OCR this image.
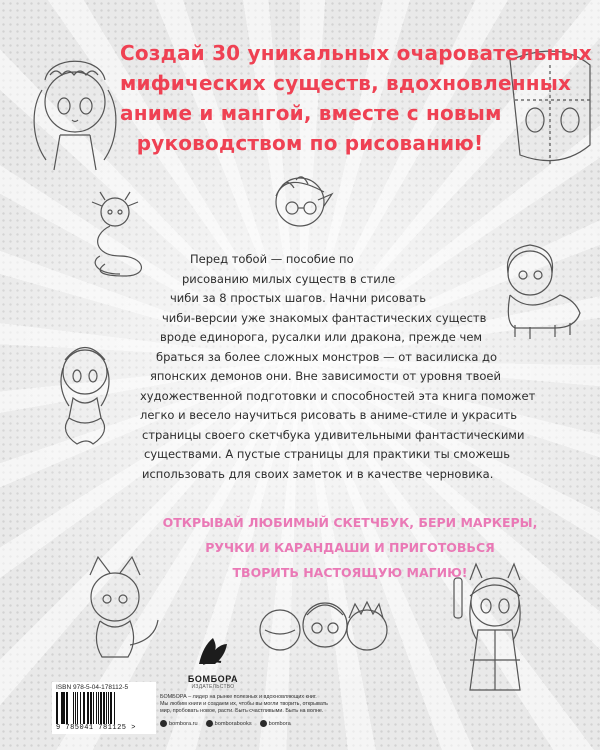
Создай 30 уникальных очаровательных
мифических существ, вдохновленных
аниме и мангой, вместе с новым
руководством по рисованию!
Перед тобой — пособие по
рисованию милых существ в стиле
чиби за 8 простых шагов. Начни рисовать
чиби-версии уже знакомых фантастических существ
вроде единорога, русалки или дракона, прежде чем
браться за более сложных монстров — от василиска до
японских демонов они. Вне зависимости от уровня твоей
художественной подготовки и способностей эта книга поможет
легко и весело научиться рисовать в аниме-стиле и украсить
страницы своего скетчбука удивительными фантастическими
существами. А пустые страницы для практики ты сможешь
использовать для своих заметок и в качестве черновика.
ОТКРЫВАЙ ЛЮБИМЫЙ СКЕТЧБУК, БЕРИ МАРКЕРЫ,
РУЧКИ И КАРАНДАШИ И ПРИГОТОВЬСЯ
ТВОРИТЬ НАСТОЯЩУЮ МАГИЮ!
БОМБОРА
ИЗДАТЕЛЬСТВО
ISBN 978-5-04-178112-5
9 785041 781125 >
БОМБОРА – лидер на рынке полезных и вдохновляющих книг.
Мы любим книги и создаем их, чтобы вы могли творить, открывать
мир, пробовать новое, расти. Быть счастливыми. Быть на волне.
bombora.ru	bomborabooks	bombora
